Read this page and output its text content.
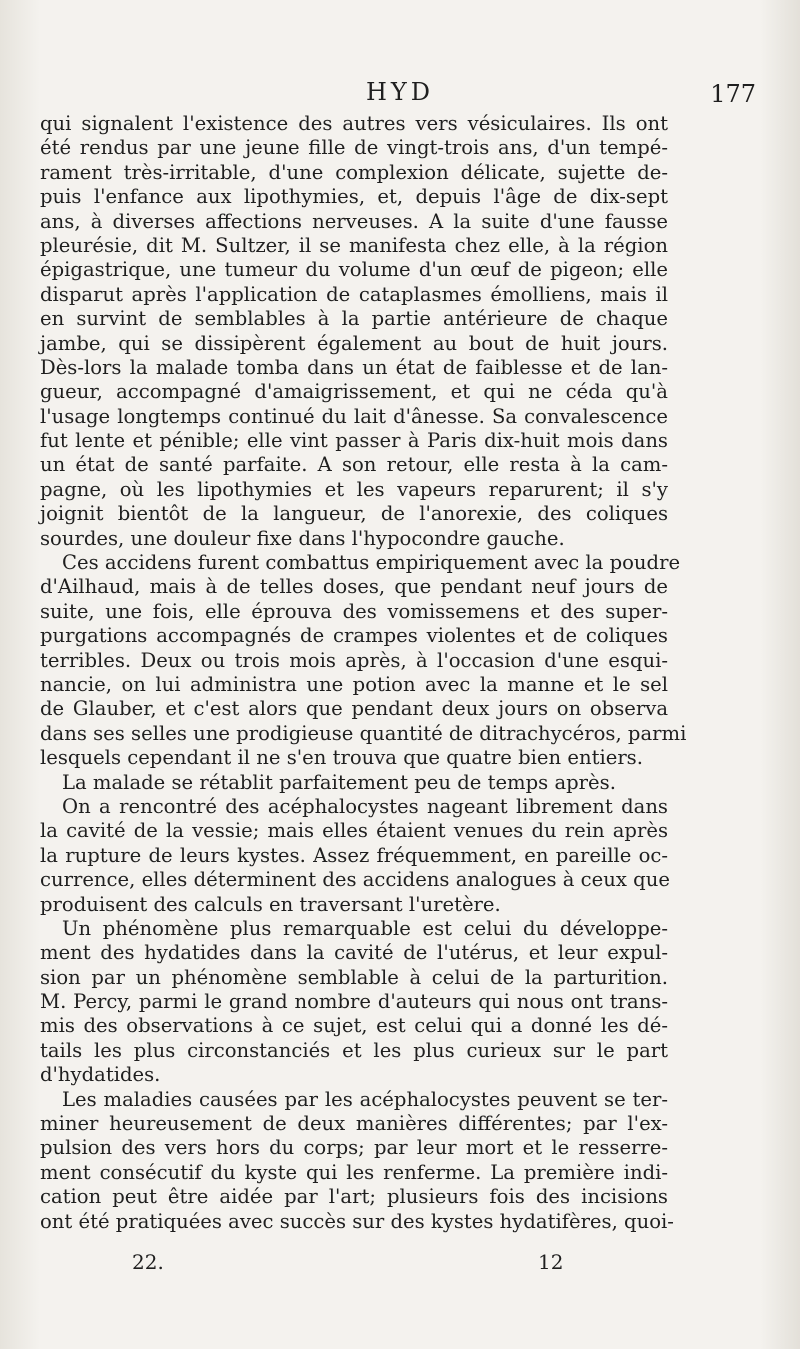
HYD	177
qui signalent l'existence des autres vers vésiculaires. Ils ont
été rendus par une jeune fille de vingt-trois ans, d'un tempé-
rament très-irritable, d'une complexion délicate, sujette de-
puis l'enfance aux lipothymies, et, depuis l'âge de dix-sept
ans, à diverses affections nerveuses. A la suite d'une fausse
pleurésie, dit M. Sultzer, il se manifesta chez elle, à la région
épigastrique, une tumeur du volume d'un œuf de pigeon; elle
disparut après l'application de cataplasmes émolliens, mais il
en survint de semblables à la partie antérieure de chaque
jambe, qui se dissipèrent également au bout de huit jours.
Dès-lors la malade tomba dans un état de faiblesse et de lan-
gueur, accompagné d'amaigrissement, et qui ne céda qu'à
l'usage longtemps continué du lait d'ânesse. Sa convalescence
fut lente et pénible; elle vint passer à Paris dix-huit mois dans
un état de santé parfaite. A son retour, elle resta à la cam-
pagne, où les lipothymies et les vapeurs reparurent; il s'y
joignit bientôt de la langueur, de l'anorexie, des coliques
sourdes, une douleur fixe dans l'hypocondre gauche.
Ces accidens furent combattus empiriquement avec la poudre
d'Ailhaud, mais à de telles doses, que pendant neuf jours de
suite, une fois, elle éprouva des vomissemens et des super-
purgations accompagnés de crampes violentes et de coliques
terribles. Deux ou trois mois après, à l'occasion d'une esqui-
nancie, on lui administra une potion avec la manne et le sel
de Glauber, et c'est alors que pendant deux jours on observa
dans ses selles une prodigieuse quantité de ditrachycéros, parmi
lesquels cependant il ne s'en trouva que quatre bien entiers.
La malade se rétablit parfaitement peu de temps après.
On a rencontré des acéphalocystes nageant librement dans
la cavité de la vessie; mais elles étaient venues du rein après
la rupture de leurs kystes. Assez fréquemment, en pareille oc-
currence, elles déterminent des accidens analogues à ceux que
produisent des calculs en traversant l'uretère.
Un phénomène plus remarquable est celui du développe-
ment des hydatides dans la cavité de l'utérus, et leur expul-
sion par un phénomène semblable à celui de la parturition.
M. Percy, parmi le grand nombre d'auteurs qui nous ont trans-
mis des observations à ce sujet, est celui qui a donné les dé-
tails les plus circonstanciés et les plus curieux sur le part
d'hydatides.
Les maladies causées par les acéphalocystes peuvent se ter-
miner heureusement de deux manières différentes; par l'ex-
pulsion des vers hors du corps; par leur mort et le resserre-
ment consécutif du kyste qui les renferme. La première indi-
cation peut être aidée par l'art; plusieurs fois des incisions
ont été pratiquées avec succès sur des kystes hydatifères, quoi-
22.	12
